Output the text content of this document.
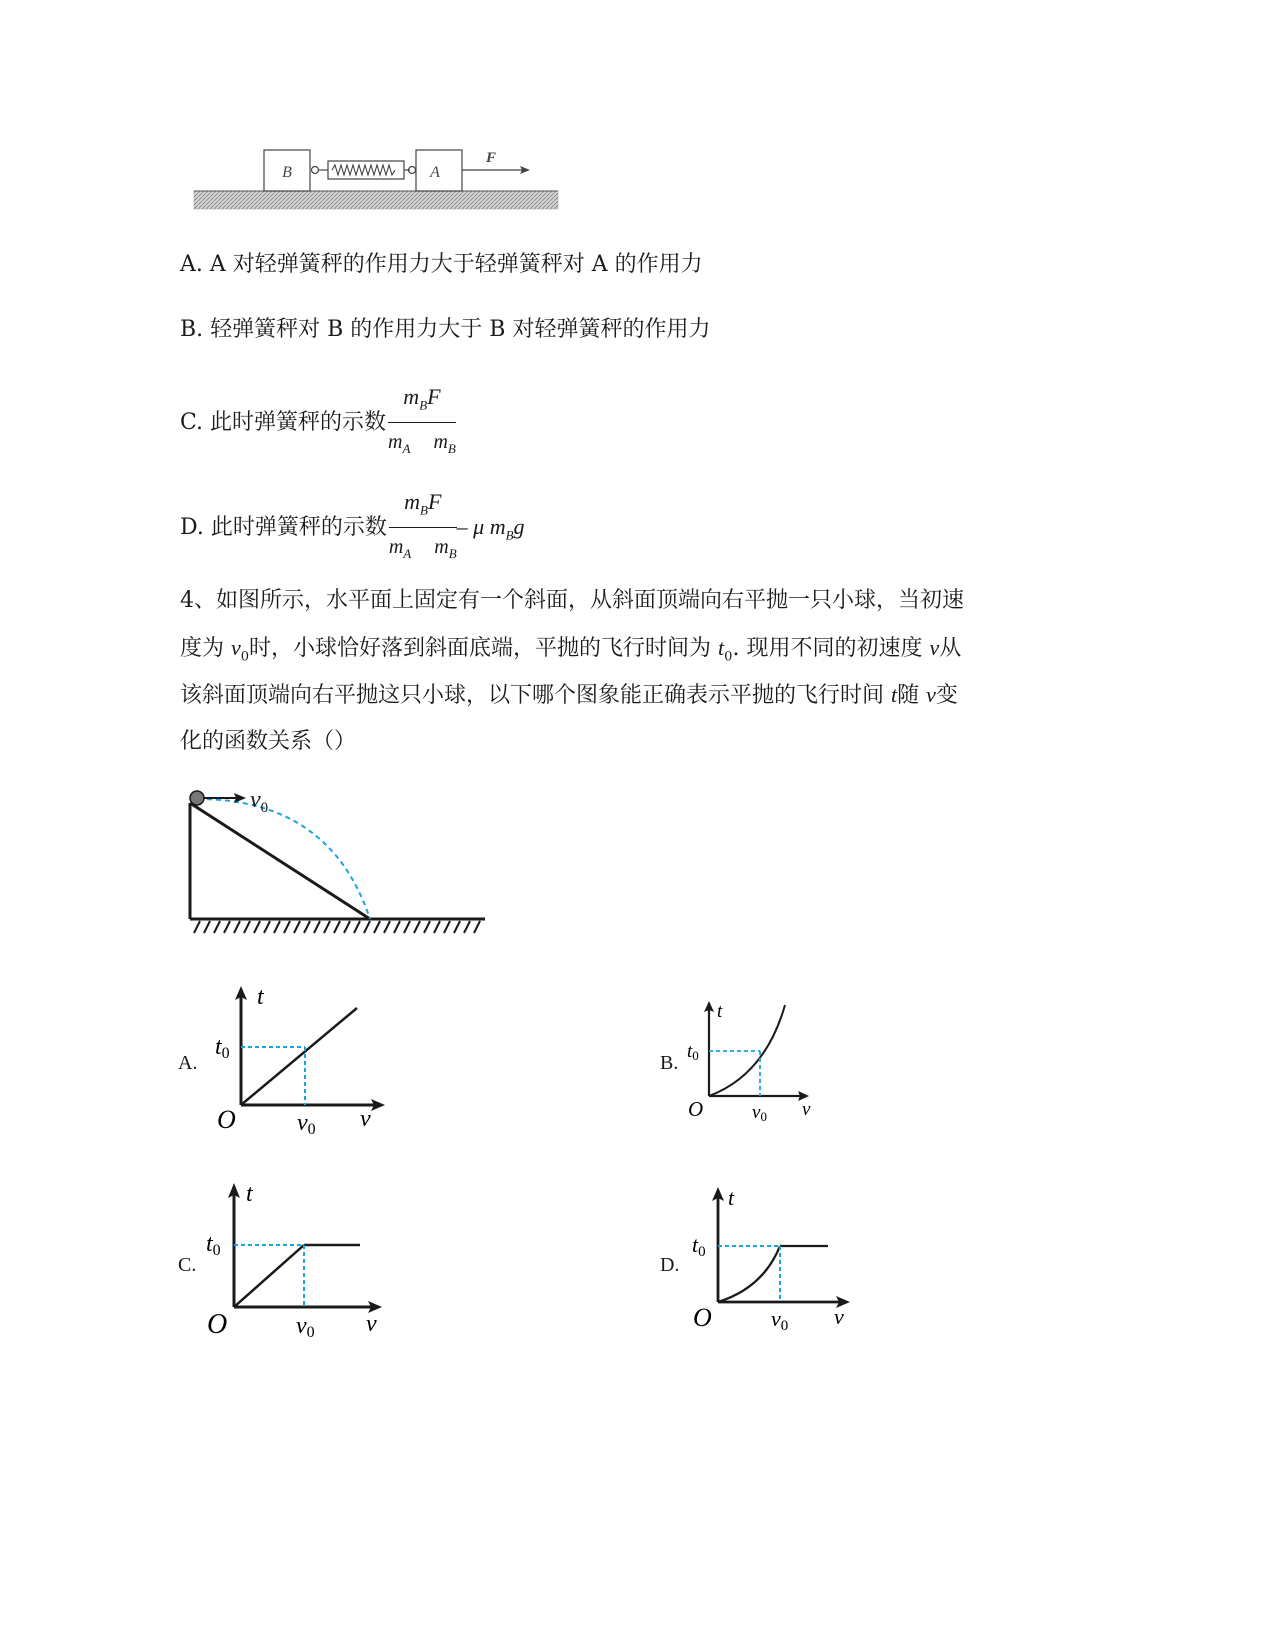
B	A
F
A. A 对轻弹簧秤的作用力大于轻弹簧秤对 A 的作用力
B. 轻弹簧秤对 B 的作用力大于 B 对轻弹簧秤的作用力
C. 此时弹簧秤的示数 $\frac{m_BF}{m_A m_B}$
D. 此时弹簧秤的示数 $\frac{m_BF}{m_A m_B}$ – μ $m_Bg$
4、如图所示，水平面上固定有一个斜面，从斜面顶端向右平抛一只小球，当初速
度为 $v_0$时，小球恰好落到斜面底端，平抛的飞行时间为 $t_0$. 现用不同的初速度 v从
该斜面顶端向右平抛这只小球，以下哪个图象能正确表示平抛的飞行时间 t随 v变
化的函数关系（）
$v_0$
A.
t
v
O
t0
v0
B.
t
v
O
t0
v0
C.
t
v
O
t0
v0
D.
t
v
O
t0
v0
